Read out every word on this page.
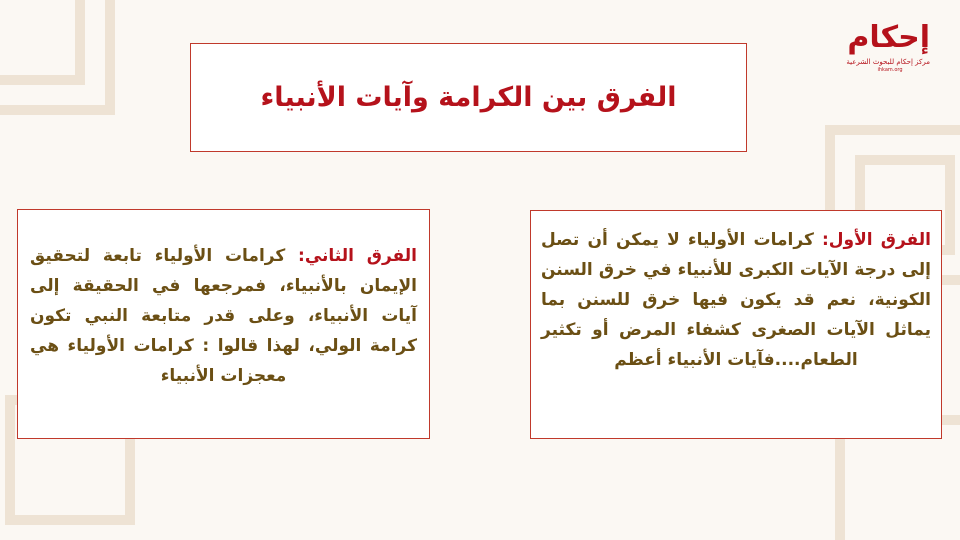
إحكام
مركز إحكام للبحوث الشرعية
ihkam.org
الفرق بين الكرامة وآيات الأنبياء
الفرق الأول: كرامات الأولياء لا يمكن أن تصل إلى درجة الآيات الكبرى للأنبياء في خرق السنن الكونية، نعم قد يكون فيها خرق للسنن بما يماثل الآيات الصغرى كشفاء المرض أو تكثير الطعام....فآيات الأنبياء أعظم
الفرق الثاني: كرامات الأولياء تابعة لتحقيق الإيمان بالأنبياء، فمرجعها في الحقيقة إلى آيات الأنبياء، وعلى قدر متابعة النبي تكون كرامة الولي، لهذا قالوا : كرامات الأولياء هي معجزات الأنبياء
